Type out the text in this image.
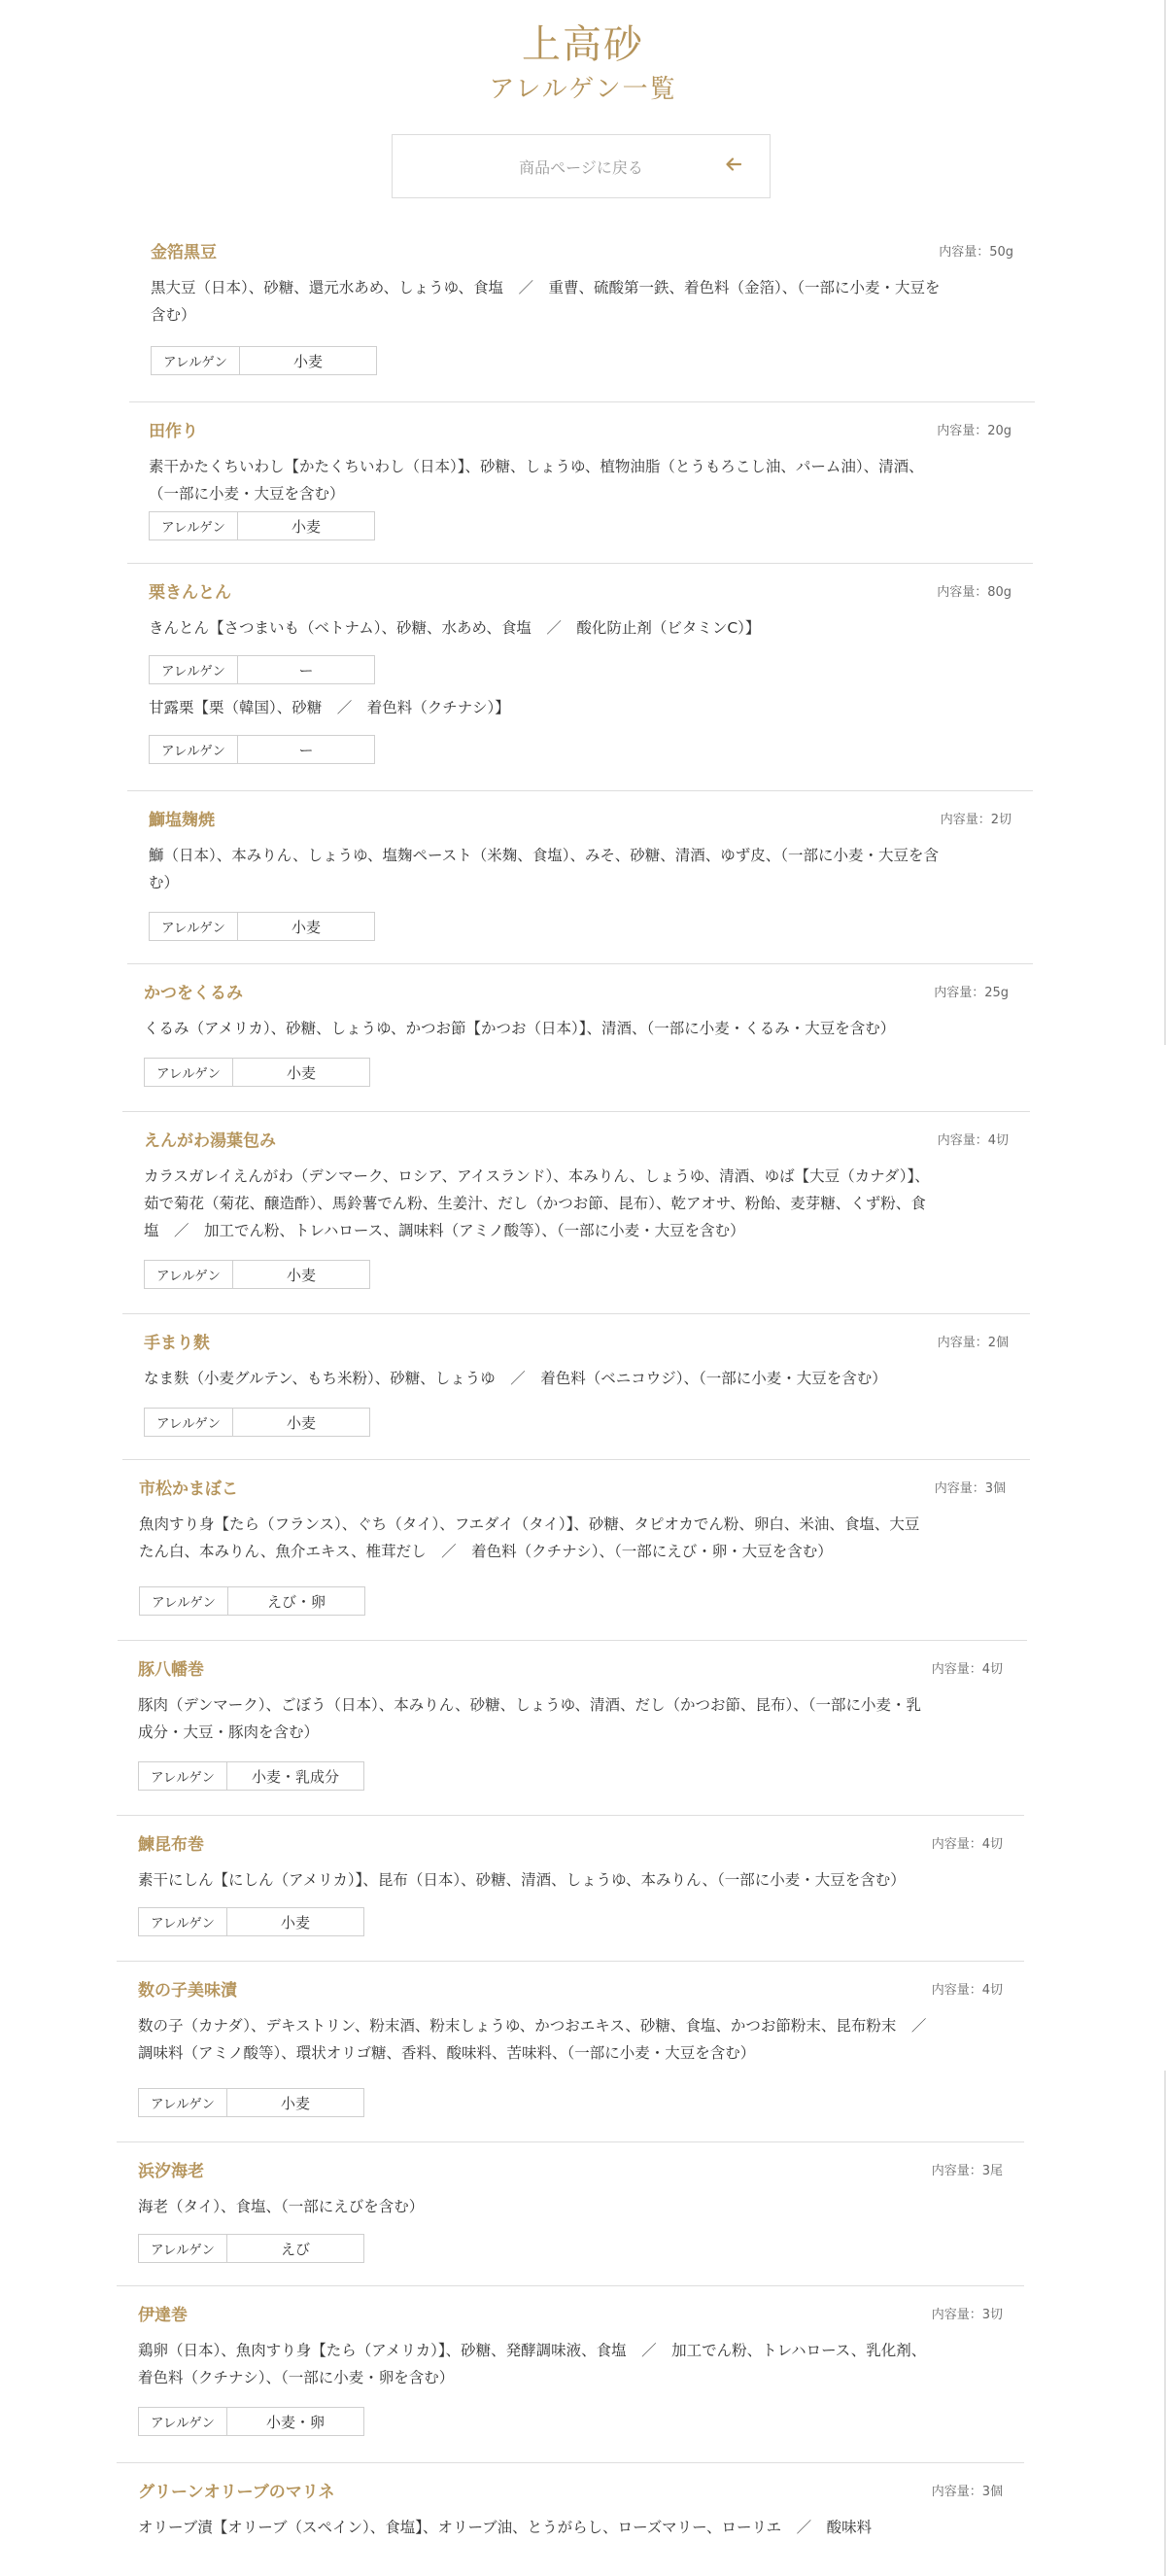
上高砂
アレルゲン一覧
商品ページに戻る
金箔黒豆	内容量：50g
黒大豆（日本）、砂糖、還元水あめ、しょうゆ、食塩　／　重曹、硫酸第一鉄、着色料（金箔）、（一部に小麦・大豆を
含む）
アレルゲン	小麦
田作り	内容量：20g
素干かたくちいわし【かたくちいわし（日本）】、砂糖、しょうゆ、植物油脂（とうもろこし油、パーム油）、清酒、
（一部に小麦・大豆を含む）
アレルゲン	小麦
栗きんとん	内容量：80g
きんとん【さつまいも（ベトナム）、砂糖、水あめ、食塩　／　酸化防止剤（ビタミンC）】
アレルゲン	ー
甘露栗【栗（韓国）、砂糖　／　着色料（クチナシ）】
アレルゲン	ー
鰤塩麹焼	内容量：2切
鰤（日本）、本みりん、しょうゆ、塩麹ペースト（米麹、食塩）、みそ、砂糖、清酒、ゆず皮、（一部に小麦・大豆を含
む）
アレルゲン	小麦
かつをくるみ	内容量：25g
くるみ（アメリカ）、砂糖、しょうゆ、かつお節【かつお（日本）】、清酒、（一部に小麦・くるみ・大豆を含む）
アレルゲン	小麦
えんがわ湯葉包み	内容量：4切
カラスガレイえんがわ（デンマーク、ロシア、アイスランド）、本みりん、しょうゆ、清酒、ゆば【大豆（カナダ）】、
茹で菊花（菊花、醸造酢）、馬鈴薯でん粉、生姜汁、だし（かつお節、昆布）、乾アオサ、粉飴、麦芽糖、くず粉、食
塩　／　加工でん粉、トレハロース、調味料（アミノ酸等）、（一部に小麦・大豆を含む）
アレルゲン	小麦
手まり麩	内容量：2個
なま麩（小麦グルテン、もち米粉）、砂糖、しょうゆ　／　着色料（ベニコウジ）、（一部に小麦・大豆を含む）
アレルゲン	小麦
市松かまぼこ	内容量：3個
魚肉すり身【たら（フランス）、ぐち（タイ）、フエダイ（タイ）】、砂糖、タピオカでん粉、卵白、米油、食塩、大豆
たん白、本みりん、魚介エキス、椎茸だし　／　着色料（クチナシ）、（一部にえび・卵・大豆を含む）
アレルゲン	えび・卵
豚八幡巻	内容量：4切
豚肉（デンマーク）、ごぼう（日本）、本みりん、砂糖、しょうゆ、清酒、だし（かつお節、昆布）、（一部に小麦・乳
成分・大豆・豚肉を含む）
アレルゲン	小麦・乳成分
鰊昆布巻	内容量：4切
素干にしん【にしん（アメリカ）】、昆布（日本）、砂糖、清酒、しょうゆ、本みりん、（一部に小麦・大豆を含む）
アレルゲン	小麦
数の子美味漬	内容量：4切
数の子（カナダ）、デキストリン、粉末酒、粉末しょうゆ、かつおエキス、砂糖、食塩、かつお節粉末、昆布粉末　／
調味料（アミノ酸等）、環状オリゴ糖、香料、酸味料、苦味料、（一部に小麦・大豆を含む）
アレルゲン	小麦
浜汐海老	内容量：3尾
海老（タイ）、食塩、（一部にえびを含む）
アレルゲン	えび
伊達巻	内容量：3切
鶏卵（日本）、魚肉すり身【たら（アメリカ）】、砂糖、発酵調味液、食塩　／　加工でん粉、トレハロース、乳化剤、
着色料（クチナシ）、（一部に小麦・卵を含む）
アレルゲン	小麦・卵
グリーンオリーブのマリネ	内容量：3個
オリーブ漬【オリーブ（スペイン）、食塩】、オリーブ油、とうがらし、ローズマリー、ローリエ　／　酸味料
